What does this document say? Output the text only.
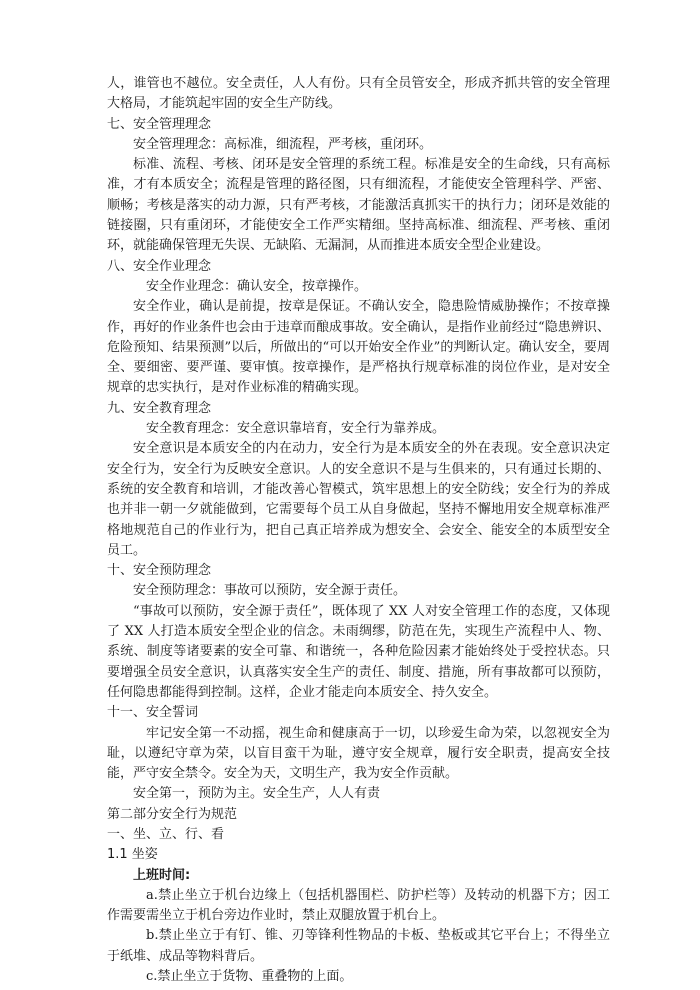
人，谁管也不越位。安全责任，人人有份。只有全员管安全，形成齐抓共管的安全管理大格局，才能筑起牢固的安全生产防线。

七、安全管理理念

安全管理理念：高标准，细流程，严考核，重闭环。

标准、流程、考核、闭环是安全管理的系统工程。标准是安全的生命线，只有高标准，才有本质安全；流程是管理的路径图，只有细流程，才能使安全管理科学、严密、顺畅；考核是落实的动力源，只有严考核，才能激活真抓实干的执行力；闭环是效能的链接圈，只有重闭环，才能使安全工作严实精细。坚持高标准、细流程、严考核、重闭环，就能确保管理无失误、无缺陷、无漏洞，从而推进本质安全型企业建设。

八、安全作业理念

安全作业理念：确认安全，按章操作。

安全作业，确认是前提，按章是保证。不确认安全，隐患险情威胁操作；不按章操作，再好的作业条件也会由于违章而酿成事故。安全确认，是指作业前经过“隐患辨识、危险预知、结果预测”以后，所做出的“可以开始安全作业”的判断认定。确认安全，要周全、要细密、要严谨、要审慎。按章操作，是严格执行规章标准的岗位作业，是对安全规章的忠实执行，是对作业标准的精确实现。

九、安全教育理念

安全教育理念：安全意识靠培育，安全行为靠养成。

安全意识是本质安全的内在动力，安全行为是本质安全的外在表现。安全意识决定安全行为，安全行为反映安全意识。人的安全意识不是与生俱来的，只有通过长期的、系统的安全教育和培训，才能改善心智模式，筑牢思想上的安全防线；安全行为的养成也并非一朝一夕就能做到，它需要每个员工从自身做起，坚持不懈地用安全规章标准严格地规范自己的作业行为，把自己真正培养成为想安全、会安全、能安全的本质型安全员工。

十、安全预防理念

安全预防理念：事故可以预防，安全源于责任。

“事故可以预防，安全源于责任”，既体现了 XX 人对安全管理工作的态度，又体现了 XX 人打造本质安全型企业的信念。未雨绸缪，防范在先，实现生产流程中人、物、系统、制度等诸要素的安全可靠、和谐统一，各种危险因素才能始终处于受控状态。只要增强全员安全意识，认真落实安全生产的责任、制度、措施，所有事故都可以预防，任何隐患都能得到控制。这样，企业才能走向本质安全、持久安全。

十一、安全誓词

牢记安全第一不动摇，视生命和健康高于一切，以珍爱生命为荣，以忽视安全为耻，以遵纪守章为荣，以盲目蛮干为耻，遵守安全规章，履行安全职责，提高安全技能，严守安全禁令。安全为天，文明生产，我为安全作贡献。

安全第一，预防为主。安全生产，人人有责

第二部分安全行为规范

一、坐、立、行、看

1.1 坐姿

上班时间:

a.禁止坐立于机台边缘上（包括机器围栏、防护栏等）及转动的机器下方；因工作需要需坐立于机台旁边作业时，禁止双腿放置于机台上。

b.禁止坐立于有钉、锥、刃等锋利性物品的卡板、垫板或其它平台上；不得坐立于纸堆、成品等物料背后。

c.禁止坐立于货物、重叠物的上面。
